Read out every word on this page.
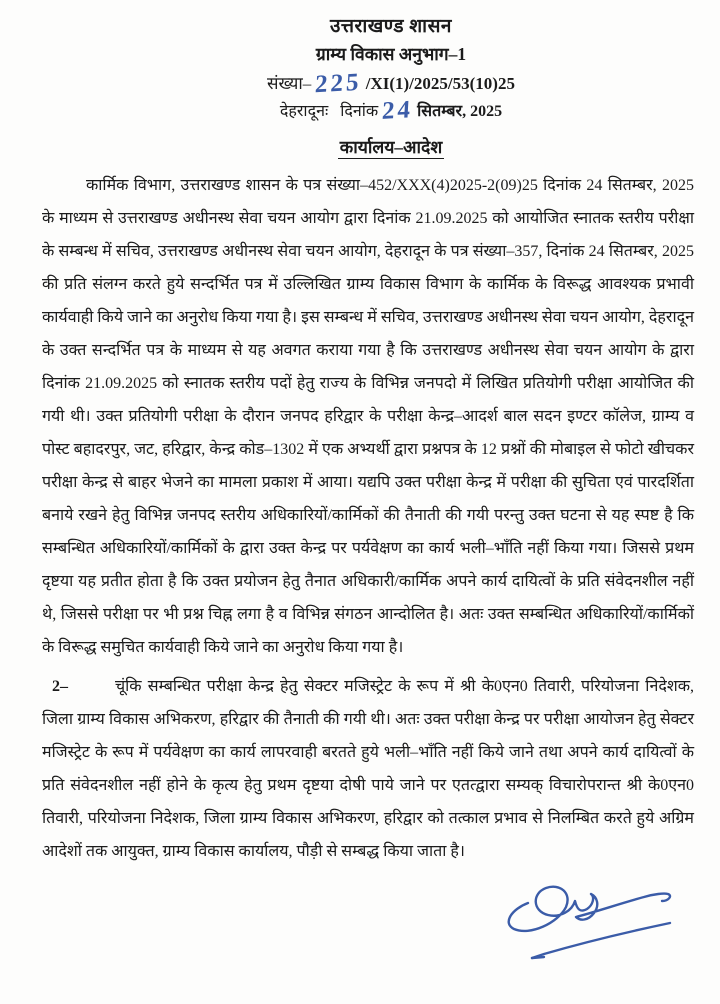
उत्तराखण्ड शासन
ग्राम्य विकास अनुभाग–1
संख्या– 225 /XI(1)/2025/53(10)25
देहरादूनः दिनांक 24 सितम्बर, 2025
कार्यालय–आदेश

कार्मिक विभाग, उत्तराखण्ड शासन के पत्र संख्या–452/XXX(4)2025-2(09)25 दिनांक 24 सितम्बर, 2025 के माध्यम से उत्तराखण्ड अधीनस्थ सेवा चयन आयोग द्वारा दिनांक 21.09.2025 को आयोजित स्नातक स्तरीय परीक्षा के सम्बन्ध में सचिव, उत्तराखण्ड अधीनस्थ सेवा चयन आयोग, देहरादून के पत्र संख्या–357, दिनांक 24 सितम्बर, 2025 की प्रति संलग्न करते हुये सन्दर्भित पत्र में उल्लिखित ग्राम्य विकास विभाग के कार्मिक के विरूद्ध आवश्यक प्रभावी कार्यवाही किये जाने का अनुरोध किया गया है। इस सम्बन्ध में सचिव, उत्तराखण्ड अधीनस्थ सेवा चयन आयोग, देहरादून के उक्त सन्दर्भित पत्र के माध्यम से यह अवगत कराया गया है कि उत्तराखण्ड अधीनस्थ सेवा चयन आयोग के द्वारा दिनांक 21.09.2025 को स्नातक स्तरीय पदों हेतु राज्य के विभिन्न जनपदो में लिखित प्रतियोगी परीक्षा आयोजित की गयी थी। उक्त प्रतियोगी परीक्षा के दौरान जनपद हरिद्वार के परीक्षा केन्द्र–आदर्श बाल सदन इण्टर कॉलेज, ग्राम्य व पोस्ट बहादरपुर, जट, हरिद्वार, केन्द्र कोड–1302 में एक अभ्यर्थी द्वारा प्रश्नपत्र के 12 प्रश्नों की मोबाइल से फोटो खीचकर परीक्षा केन्द्र से बाहर भेजने का मामला प्रकाश में आया। यद्यपि उक्त परीक्षा केन्द्र में परीक्षा की सुचिता एवं पारदर्शिता बनाये रखने हेतु विभिन्न जनपद स्तरीय अधिकारियों/कार्मिकों की तैनाती की गयी परन्तु उक्त घटना से यह स्पष्ट है कि सम्बन्धित अधिकारियों/कार्मिकों के द्वारा उक्त केन्द्र पर पर्यवेक्षण का कार्य भली–भाँति नहीं किया गया। जिससे प्रथम दृष्टया यह प्रतीत होता है कि उक्त प्रयोजन हेतु तैनात अधिकारी/कार्मिक अपने कार्य दायित्वों के प्रति संवेदनशील नहीं थे, जिससे परीक्षा पर भी प्रश्न चिह्न लगा है व विभिन्न संगठन आन्दोलित है। अतः उक्त सम्बन्धित अधिकारियों/कार्मिकों के विरूद्ध समुचित कार्यवाही किये जाने का अनुरोध किया गया है।

2–	चूंकि सम्बन्धित परीक्षा केन्द्र हेतु सेक्टर मजिस्ट्रेट के रूप में श्री के0एन0 तिवारी, परियोजना निदेशक, जिला ग्राम्य विकास अभिकरण, हरिद्वार की तैनाती की गयी थी। अतः उक्त परीक्षा केन्द्र पर परीक्षा आयोजन हेतु सेक्टर मजिस्ट्रेट के रूप में पर्यवेक्षण का कार्य लापरवाही बरतते हुये भली–भाँति नहीं किये जाने तथा अपने कार्य दायित्वों के प्रति संवेदनशील नहीं होने के कृत्य हेतु प्रथम दृष्टया दोषी पाये जाने पर एतत्द्वारा सम्यक् विचारोपरान्त श्री के0एन0 तिवारी, परियोजना निदेशक, जिला ग्राम्य विकास अभिकरण, हरिद्वार को तत्काल प्रभाव से निलम्बित करते हुये अग्रिम आदेशों तक आयुक्त, ग्राम्य विकास कार्यालय, पौड़ी से सम्बद्ध किया जाता है।
